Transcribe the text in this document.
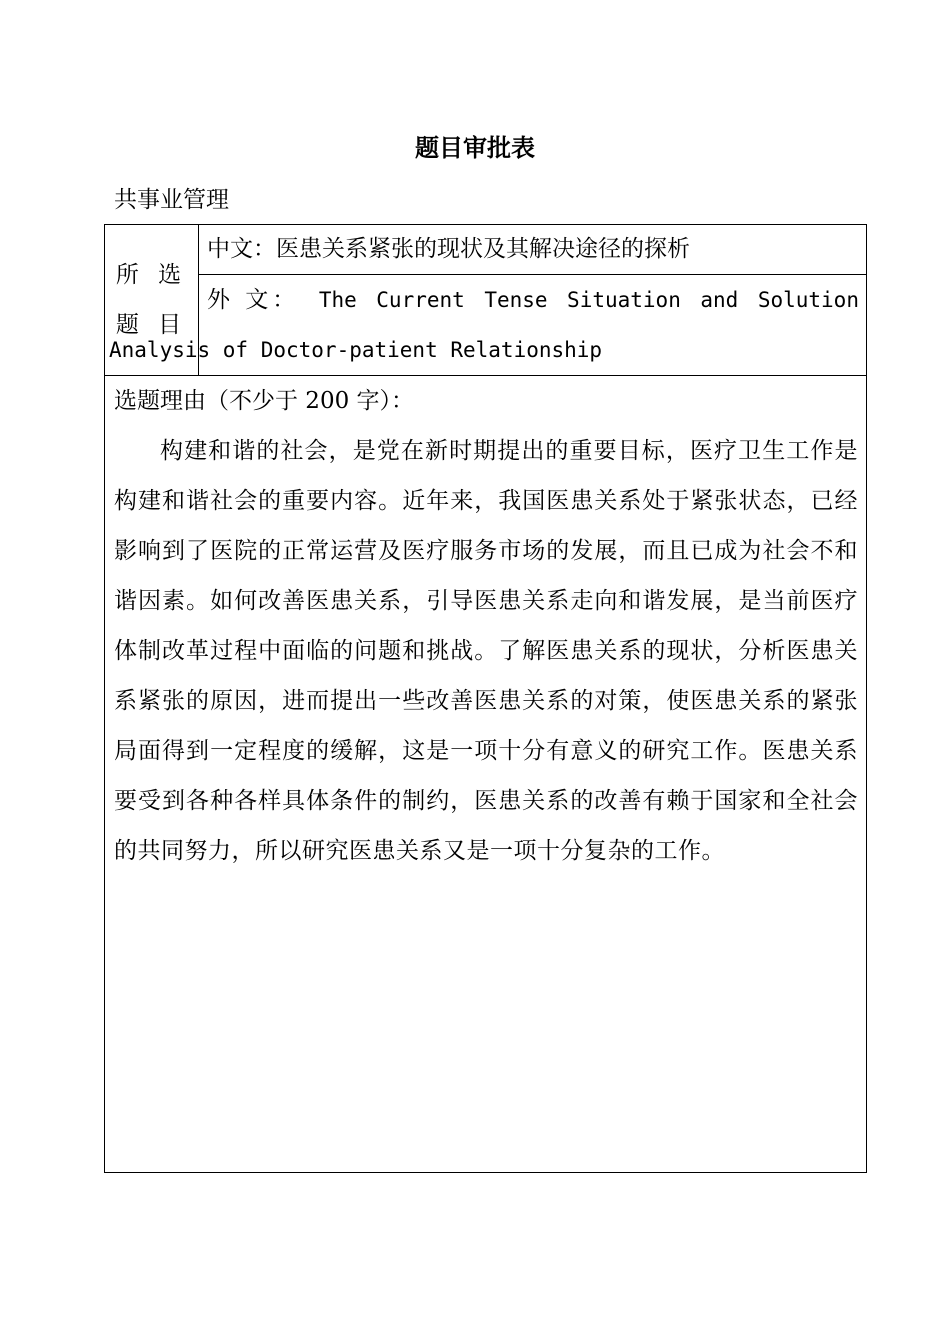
题目审批表
共事业管理
所 选
题 目
中文：医患关系紧张的现状及其解决途径的探析
外 文： The Current Tense Situation and Solution
Analysis of Doctor-patient Relationship

选题理由（不少于 200 字）：

构建和谐的社会，是党在新时期提出的重要目标，医疗卫生工作是构建和谐社会的重要内容。近年来，我国医患关系处于紧张状态，已经影响到了医院的正常运营及医疗服务市场的发展，而且已成为社会不和谐因素。如何改善医患关系，引导医患关系走向和谐发展，是当前医疗体制改革过程中面临的问题和挑战。了解医患关系的现状，分析医患关系紧张的原因，进而提出一些改善医患关系的对策，使医患关系的紧张局面得到一定程度的缓解，这是一项十分有意义的研究工作。医患关系要受到各种各样具体条件的制约，医患关系的改善有赖于国家和全社会的共同努力，所以研究医患关系又是一项十分复杂的工作。
